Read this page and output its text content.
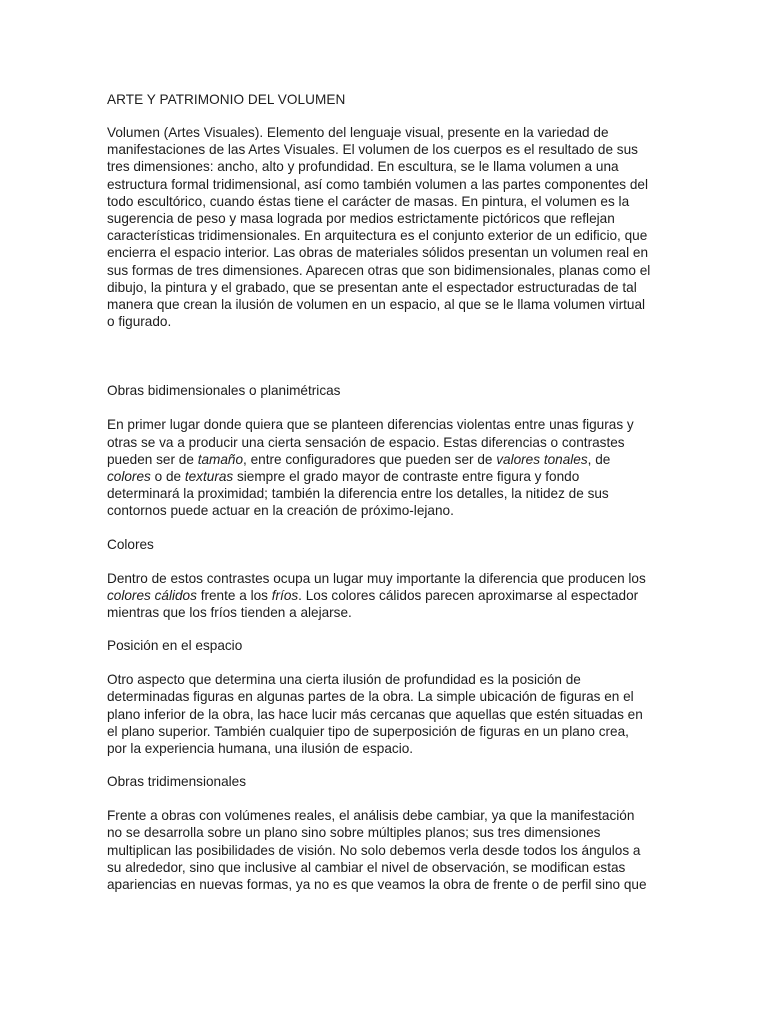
ARTE Y PATRIMONIO DEL VOLUMEN
Volumen (Artes Visuales). Elemento del lenguaje visual, presente en la variedad de
manifestaciones de las Artes Visuales. El volumen de los cuerpos es el resultado de sus
tres dimensiones: ancho, alto y profundidad. En escultura, se le llama volumen a una
estructura formal tridimensional, así como también volumen a las partes componentes del
todo escultórico, cuando éstas tiene el carácter de masas. En pintura, el volumen es la
sugerencia de peso y masa lograda por medios estrictamente pictóricos que reflejan
características tridimensionales. En arquitectura es el conjunto exterior de un edificio, que
encierra el espacio interior. Las obras de materiales sólidos presentan un volumen real en
sus formas de tres dimensiones. Aparecen otras que son bidimensionales, planas como el
dibujo, la pintura y el grabado, que se presentan ante el espectador estructuradas de tal
manera que crean la ilusión de volumen en un espacio, al que se le llama volumen virtual
o figurado.
Obras bidimensionales o planimétricas
En primer lugar donde quiera que se planteen diferencias violentas entre unas figuras y
otras se va a producir una cierta sensación de espacio. Estas diferencias o contrastes
pueden ser de tamaño, entre configuradores que pueden ser de valores tonales, de
colores o de texturas siempre el grado mayor de contraste entre figura y fondo
determinará la proximidad; también la diferencia entre los detalles, la nitidez de sus
contornos puede actuar en la creación de próximo-lejano.
Colores
Dentro de estos contrastes ocupa un lugar muy importante la diferencia que producen los
colores cálidos frente a los fríos. Los colores cálidos parecen aproximarse al espectador
mientras que los fríos tienden a alejarse.
Posición en el espacio
Otro aspecto que determina una cierta ilusión de profundidad es la posición de
determinadas figuras en algunas partes de la obra. La simple ubicación de figuras en el
plano inferior de la obra, las hace lucir más cercanas que aquellas que estén situadas en
el plano superior. También cualquier tipo de superposición de figuras en un plano crea,
por la experiencia humana, una ilusión de espacio.
Obras tridimensionales
Frente a obras con volúmenes reales, el análisis debe cambiar, ya que la manifestación
no se desarrolla sobre un plano sino sobre múltiples planos; sus tres dimensiones
multiplican las posibilidades de visión. No solo debemos verla desde todos los ángulos a
su alrededor, sino que inclusive al cambiar el nivel de observación, se modifican estas
apariencias en nuevas formas, ya no es que veamos la obra de frente o de perfil sino que
